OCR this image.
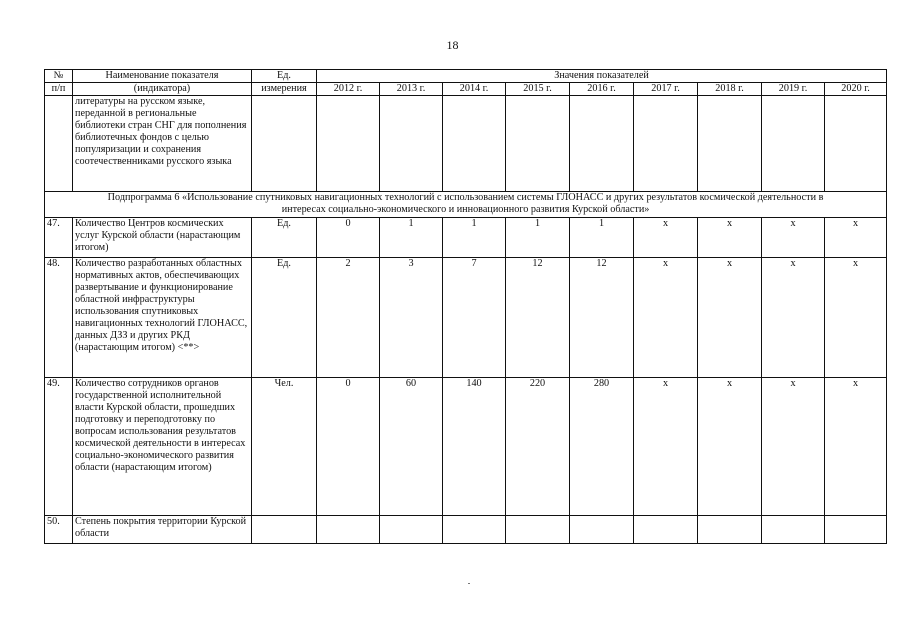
18
№	Наименование показателя	Ед.	Значения показателей								
п/п	(индикатора)	измерения	2012 г.	2013 г.	2014 г.	2015 г.	2016 г.	2017 г.	2018 г.	2019 г.	2020 г.
	литературы на русском языке, переданной в региональные библиотеки стран СНГ для пополнения библиотечных фондов с целью популяризации и сохранения соотечественниками русского языка										

Подпрограмма 6 «Использование спутниковых навигационных технологий с использованием системы ГЛОНАСС и других результатов космической деятельности в
интересах социально-экономического и инновационного развития Курской области»											

47.	Количество Центров космических услуг Курской области (нарастающим итогом)	Ед.	0	1	1	1	1	x	x	x	x
48.	Количество разработанных областных нормативных актов, обеспечивающих развертывание и функционирование областной инфраструктуры использования спутниковых навигационных технологий ГЛОНАСС, данных ДЗЗ и других РКД (нарастающим итогом) <**>	Ед.	2	3	7	12	12	x	x	x	x
49.	Количество сотрудников органов государственной исполнительной власти Курской области, прошедших подготовку и переподготовку по вопросам использования результатов космической деятельности в интересах социально-экономического развития области (нарастающим итогом)	Чел.	0	60	140	220	280	x	x	x	x
50.	Степень покрытия территории Курской области										
